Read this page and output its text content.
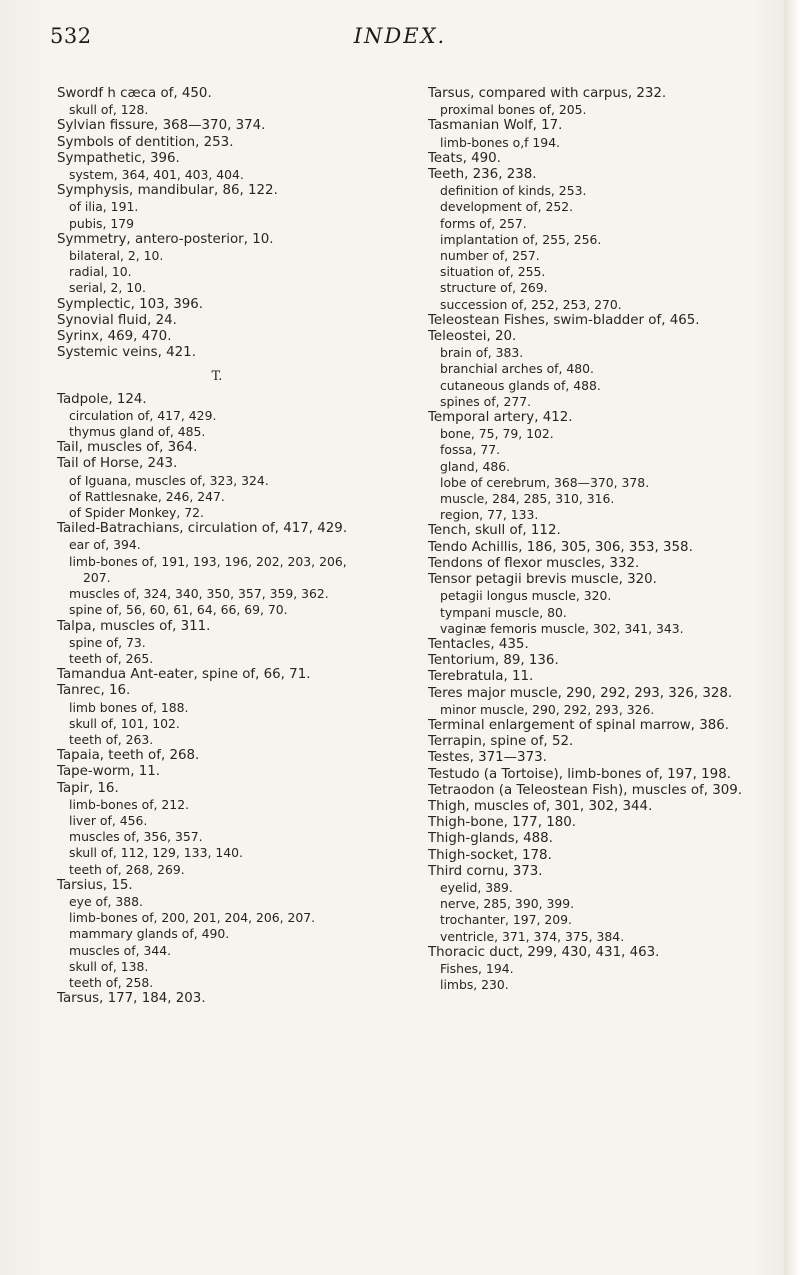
532	INDEX.
Swordf h cæca of, 450.
skull of, 128.
Sylvian fissure, 368—370, 374.
Symbols of dentition, 253.
Sympathetic, 396.
system, 364, 401, 403, 404.
Symphysis, mandibular, 86, 122.
of ilia, 191.
pubis, 179
Symmetry, antero-posterior, 10.
bilateral, 2, 10.
radial, 10.
serial, 2, 10.
Symplectic, 103, 396.
Synovial fluid, 24.
Syrinx, 469, 470.
Systemic veins, 421.
T.
Tadpole, 124.
circulation of, 417, 429.
thymus gland of, 485.
Tail, muscles of, 364.
Tail of Horse, 243.
of Iguana, muscles of, 323, 324.
of Rattlesnake, 246, 247.
of Spider Monkey, 72.
Tailed-Batrachians, circulation of, 417, 429.
ear of, 394.
limb-bones of, 191, 193, 196, 202, 203, 206, 207.
muscles of, 324, 340, 350, 357, 359, 362.
spine of, 56, 60, 61, 64, 66, 69, 70.
Talpa, muscles of, 311.
spine of, 73.
teeth of, 265.
Tamandua Ant-eater, spine of, 66, 71.
Tanrec, 16.
limb bones of, 188.
skull of, 101, 102.
teeth of, 263.
Tapaia, teeth of, 268.
Tape-worm, 11.
Tapir, 16.
limb-bones of, 212.
liver of, 456.
muscles of, 356, 357.
skull of, 112, 129, 133, 140.
teeth of, 268, 269.
Tarsius, 15.
eye of, 388.
limb-bones of, 200, 201, 204, 206, 207.
mammary glands of, 490.
muscles of, 344.
skull of, 138.
teeth of, 258.
Tarsus, 177, 184, 203.
Tarsus, compared with carpus, 232.
proximal bones of, 205.
Tasmanian Wolf, 17.
limb-bones o,f 194.
Teats, 490.
Teeth, 236, 238.
definition of kinds, 253.
development of, 252.
forms of, 257.
implantation of, 255, 256.
number of, 257.
situation of, 255.
structure of, 269.
succession of, 252, 253, 270.
Teleostean Fishes, swim-bladder of, 465.
Teleostei, 20.
brain of, 383.
branchial arches of, 480.
cutaneous glands of, 488.
spines of, 277.
Temporal artery, 412.
bone, 75, 79, 102.
fossa, 77.
gland, 486.
lobe of cerebrum, 368—370, 378.
muscle, 284, 285, 310, 316.
region, 77, 133.
Tench, skull of, 112.
Tendo Achillis, 186, 305, 306, 353, 358.
Tendons of flexor muscles, 332.
Tensor petagii brevis muscle, 320.
petagii longus muscle, 320.
tympani muscle, 80.
vaginæ femoris muscle, 302, 341, 343.
Tentacles, 435.
Tentorium, 89, 136.
Terebratula, 11.
Teres major muscle, 290, 292, 293, 326, 328.
minor muscle, 290, 292, 293, 326.
Terminal enlargement of spinal marrow, 386.
Terrapin, spine of, 52.
Testes, 371—373.
Testudo (a Tortoise), limb-bones of, 197, 198.
Tetraodon (a Teleostean Fish), muscles of, 309.
Thigh, muscles of, 301, 302, 344.
Thigh-bone, 177, 180.
Thigh-glands, 488.
Thigh-socket, 178.
Third cornu, 373.
eyelid, 389.
nerve, 285, 390, 399.
trochanter, 197, 209.
ventricle, 371, 374, 375, 384.
Thoracic duct, 299, 430, 431, 463.
Fishes, 194.
limbs, 230.
